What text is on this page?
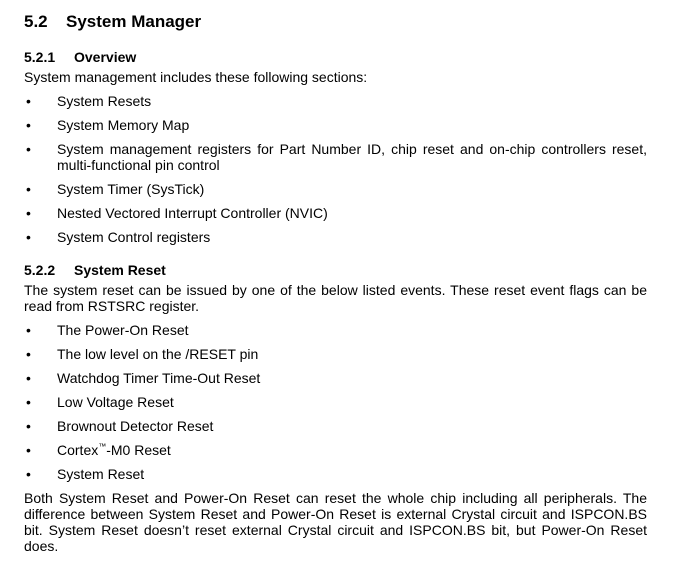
5.2 System Manager
5.2.1 Overview
System management includes these following sections:
• System Resets
• System Memory Map
• System management registers for Part Number ID, chip reset and on-chip controllers reset, multi-functional pin control
• System Timer (SysTick)
• Nested Vectored Interrupt Controller (NVIC)
• System Control registers
5.2.2 System Reset
The system reset can be issued by one of the below listed events. These reset event flags can be read from RSTSRC register.
• The Power-On Reset
• The low level on the /RESET pin
• Watchdog Timer Time-Out Reset
• Low Voltage Reset
• Brownout Detector Reset
• Cortex™-M0 Reset
• System Reset
Both System Reset and Power-On Reset can reset the whole chip including all peripherals. The difference between System Reset and Power-On Reset is external Crystal circuit and ISPCON.BS bit. System Reset doesn’t reset external Crystal circuit and ISPCON.BS bit, but Power-On Reset does.
